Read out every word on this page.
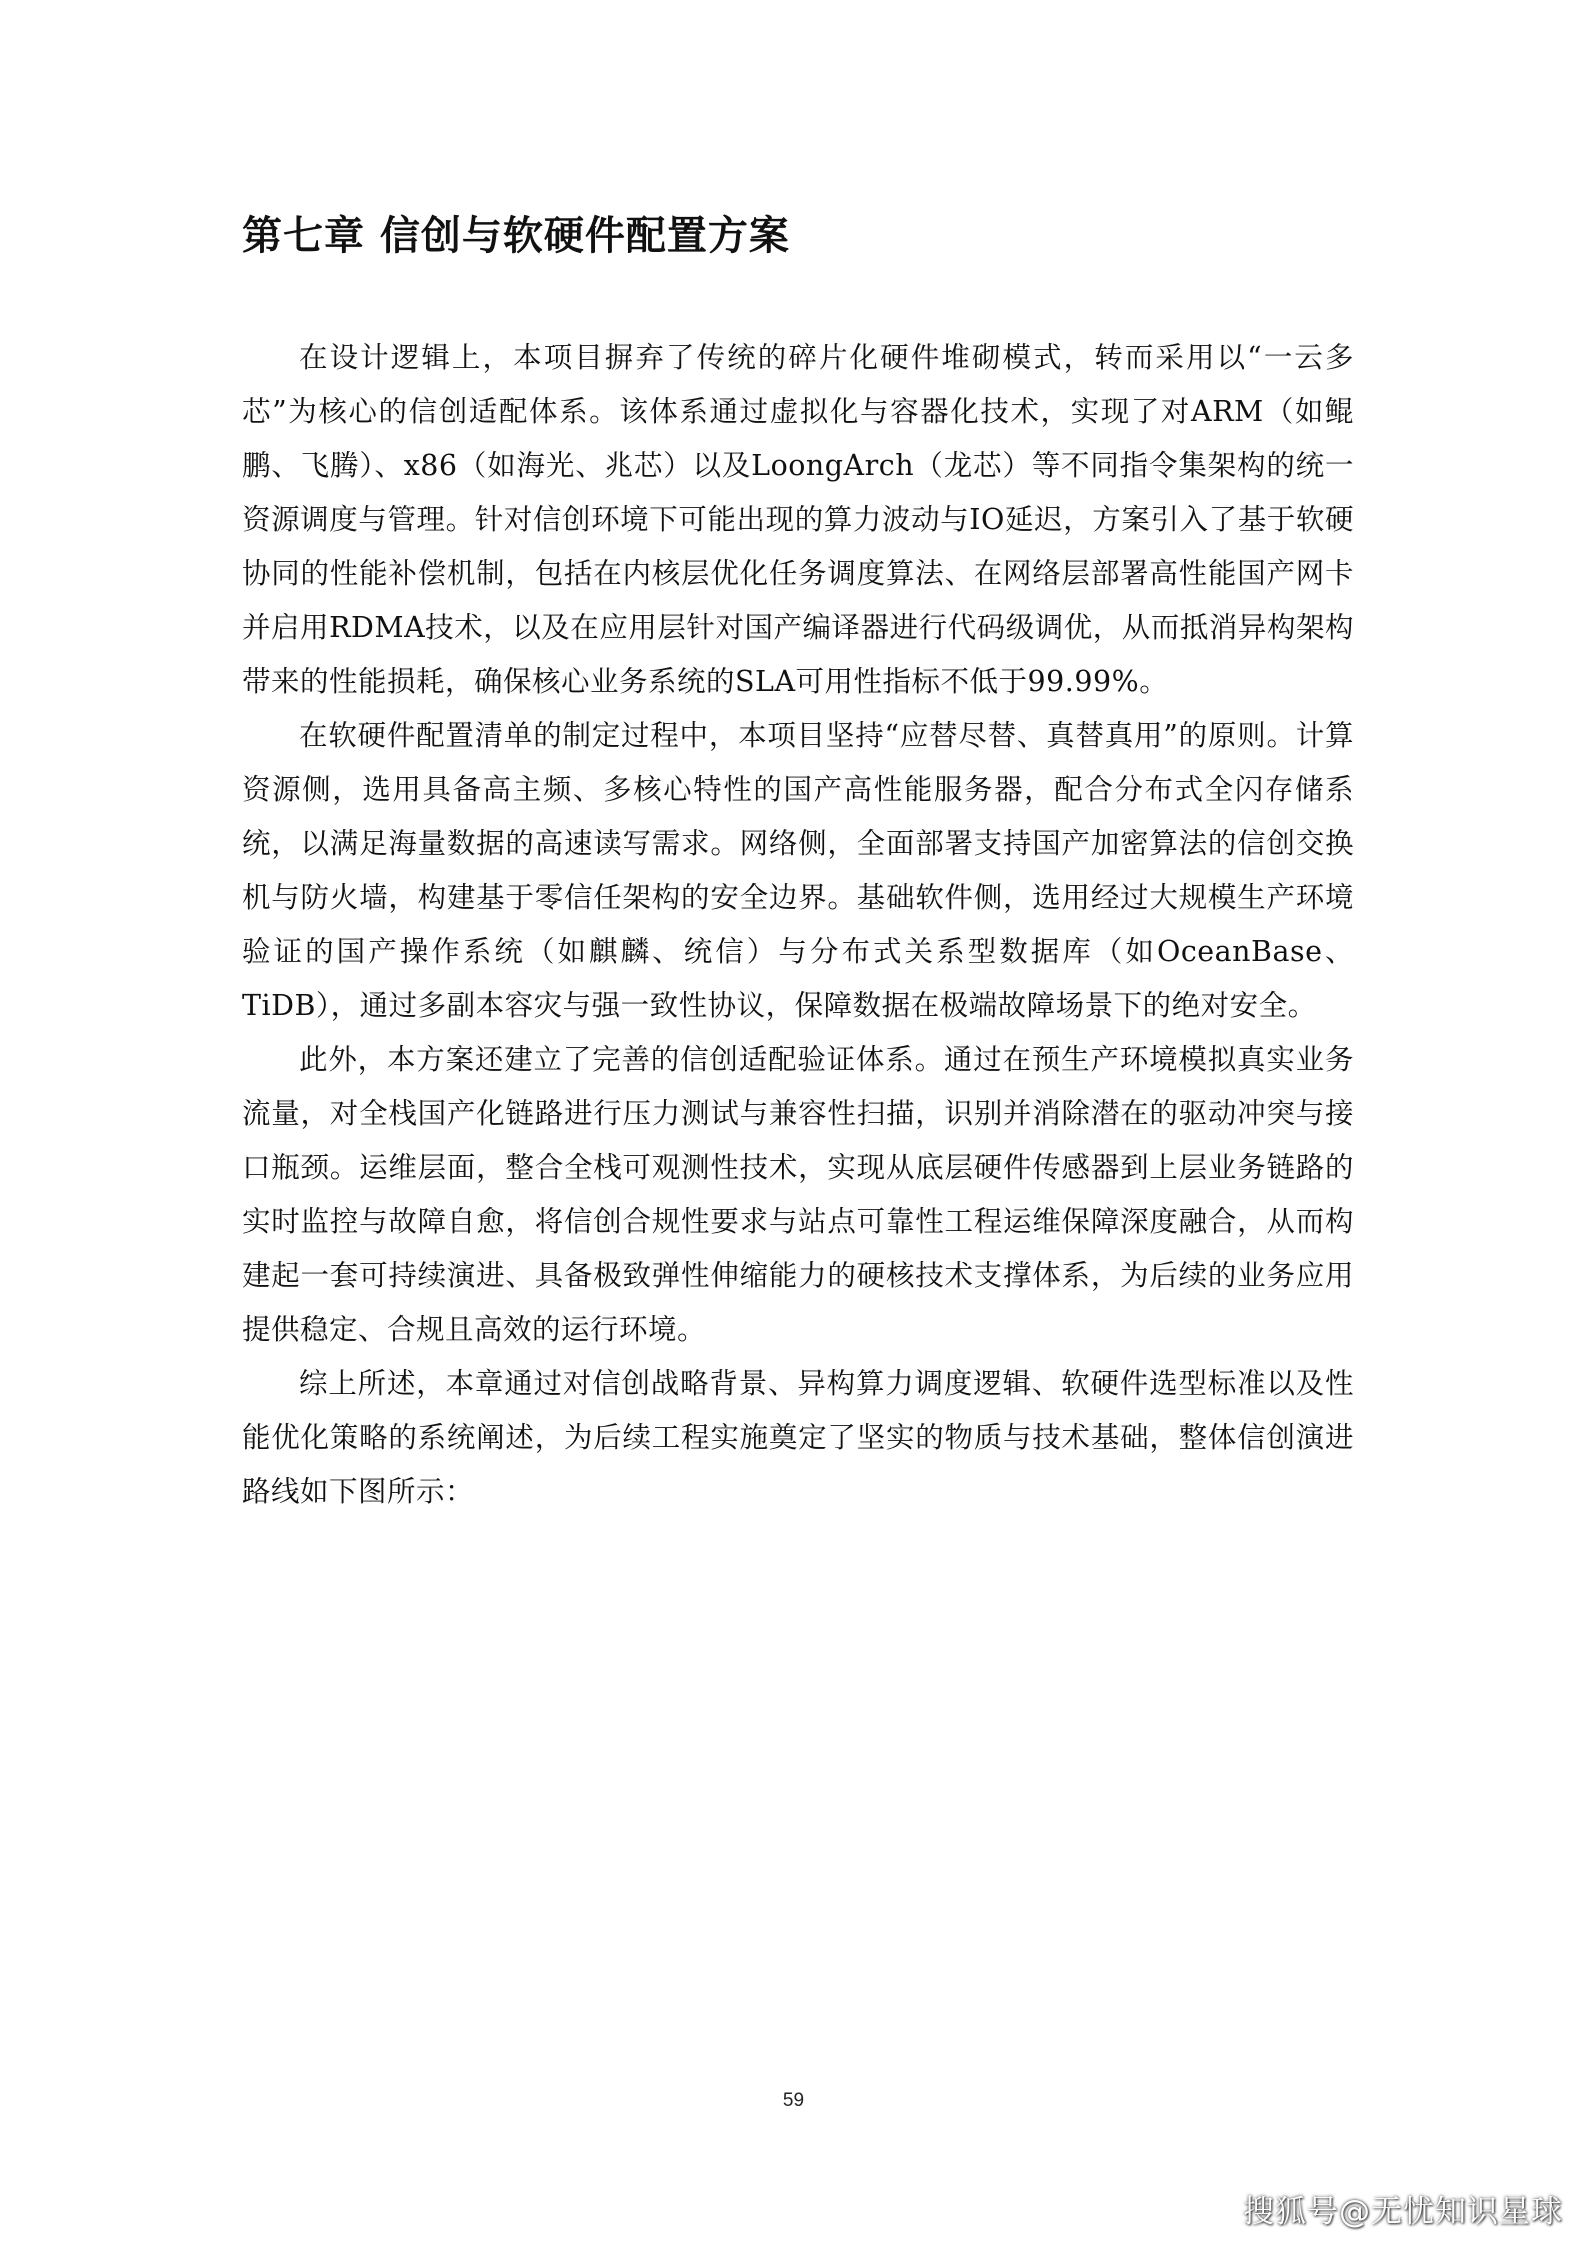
第七章 信创与软硬件配置方案

在设计逻辑上，本项目摒弃了传统的碎片化硬件堆砌模式，转而采用以“一云多芯”为核心的信创适配体系。该体系通过虚拟化与容器化技术，实现了对ARM（如鲲鹏、飞腾）、x86（如海光、兆芯）以及LoongArch（龙芯）等不同指令集架构的统一资源调度与管理。针对信创环境下可能出现的算力波动与IO延迟，方案引入了基于软硬协同的性能补偿机制，包括在内核层优化任务调度算法、在网络层部署高性能国产网卡并启用RDMA技术，以及在应用层针对国产编译器进行代码级调优，从而抵消异构架构带来的性能损耗，确保核心业务系统的SLA可用性指标不低于99.99%。

在软硬件配置清单的制定过程中，本项目坚持“应替尽替、真替真用”的原则。计算资源侧，选用具备高主频、多核心特性的国产高性能服务器，配合分布式全闪存储系统，以满足海量数据的高速读写需求。网络侧，全面部署支持国产加密算法的信创交换机与防火墙，构建基于零信任架构的安全边界。基础软件侧，选用经过大规模生产环境验证的国产操作系统（如麒麟、统信）与分布式关系型数据库（如OceanBase、TiDB），通过多副本容灾与强一致性协议，保障数据在极端故障场景下的绝对安全。

此外，本方案还建立了完善的信创适配验证体系。通过在预生产环境模拟真实业务流量，对全栈国产化链路进行压力测试与兼容性扫描，识别并消除潜在的驱动冲突与接口瓶颈。运维层面，整合全栈可观测性技术，实现从底层硬件传感器到上层业务链路的实时监控与故障自愈，将信创合规性要求与站点可靠性工程运维保障深度融合，从而构建起一套可持续演进、具备极致弹性伸缩能力的硬核技术支撑体系，为后续的业务应用提供稳定、合规且高效的运行环境。

综上所述，本章通过对信创战略背景、异构算力调度逻辑、软硬件选型标准以及性能优化策略的系统阐述，为后续工程实施奠定了坚实的物质与技术基础，整体信创演进路线如下图所示：

59
搜狐号@无忧知识星球
